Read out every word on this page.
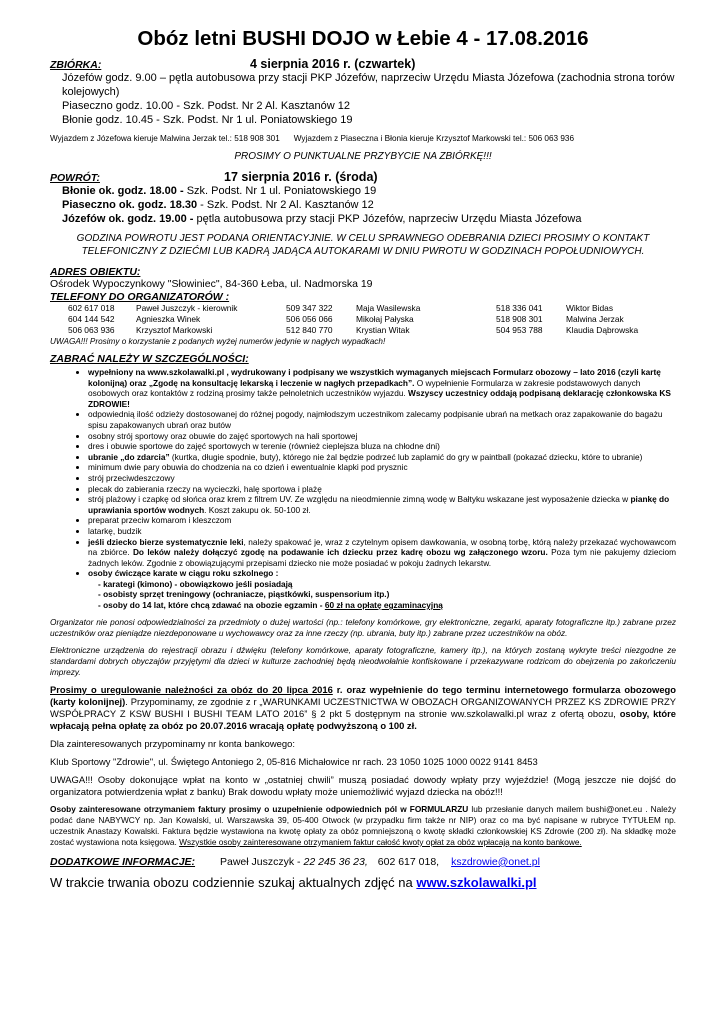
Obóz letni BUSHI DOJO w Łebie 4 - 17.08.2016
ZBIÓRKA:	4 sierpnia 2016 r. (czwartek)
Józefów godz. 9.00 – pętla autobusowa przy stacji PKP Józefów, naprzeciw Urzędu Miasta Józefowa (zachodnia strona torów kolejowych)
Piaseczno godz. 10.00 - Szk. Podst. Nr 2 Al. Kasztanów 12
Błonie godz. 10.45 - Szk. Podst. Nr 1 ul. Poniatowskiego 19
Wyjazdem z Józefowa kieruje Malwina Jerzak tel.: 518 908 301 Wyjazdem z Piaseczna i Błonia kieruje Krzysztof Markowski tel.: 506 063 936
PROSIMY O PUNKTUALNE PRZYBYCIE NA ZBIÓRKĘ!!!
POWRÓT:	17 sierpnia 2016 r. (środa)
Błonie ok. godz. 18.00 - Szk. Podst. Nr 1 ul. Poniatowskiego 19
Piaseczno ok. godz. 18.30 - Szk. Podst. Nr 2 Al. Kasztanów 12
Józefów ok. godz. 19.00 - pętla autobusowa przy stacji PKP Józefów, naprzeciw Urzędu Miasta Józefowa
GODZINA POWROTU JEST PODANA ORIENTACYJNIE. W CELU SPRAWNEGO ODEBRANIA DZIECI PROSIMY O KONTAKT TELEFONICZNY Z DZIEĆMI LUB KADRĄ JADĄCA AUTOKARAMI W DNIU PWROTU W GODZINACH POPOŁUDNIOWYCH.
ADRES OBIEKTU:
Ośrodek Wypoczynkowy "Słowiniec", 84-360 Łeba, ul. Nadmorska 19
TELEFONY DO ORGANIZATORÓW :
602 617 018	Paweł Juszczyk - kierownik	509 347 322	Maja Wasilewska	518 336 041	Wiktor Bidas
604 144 542	Agnieszka Winek	506 056 066	Mikołaj Pałyska	518 908 301	Malwina Jerzak
506 063 936	Krzysztof Markowski	512 840 770	Krystian Witak	504 953 788	Klaudia Dąbrowska
UWAGA!!! Prosimy o korzystanie z podanych wyżej numerów jedynie w nagłych wypadkach!
ZABRAĆ NALEŻY W SZCZEGÓLNOŚCI:
• wypełniony na www.szkolawalki.pl , wydrukowany i podpisany we wszystkich wymaganych miejscach Formularz obozowy – lato 2016 (czyli kartę kolonijną) oraz „Zgodę na konsultację lekarską i leczenie w nagłych przepadkach”. O wypełnienie Formularza w zakresie podstawowych danych osobowych oraz kontaktów z rodziną prosimy także pełnoletnich uczestników wyjazdu. Wszyscy uczestnicy oddają podpisaną deklarację członkowska KS ZDROWIE!
• odpowiednią ilość odzieży dostosowanej do różnej pogody, najmłodszym uczestnikom zalecamy podpisanie ubrań na metkach oraz zapakowanie do bagażu spisu zapakowanych ubrań oraz butów
• osobny strój sportowy oraz obuwie do zajęć sportowych na hali sportowej
• dres i obuwie sportowe do zajęć sportowych w terenie (również cieplejsza bluza na chłodne dni)
• ubranie „do zdarcia” (kurtka, długie spodnie, buty), którego nie żal będzie podrzeć lub zaplamić do gry w paintball (pokazać dziecku, które to ubranie)
• minimum dwie pary obuwia do chodzenia na co dzień i ewentualnie klapki pod prysznic
• strój przeciwdeszczowy
• plecak do zabierania rzeczy na wycieczki, halę sportowa i plażę
• strój plażowy i czapkę od słońca oraz krem z filtrem UV. Ze względu na nieodmiennie zimną wodę w Bałtyku wskazane jest wyposażenie dziecka w piankę do uprawiania sportów wodnych. Koszt zakupu ok. 50-100 zł.
• preparat przeciw komarom i kleszczom
• latarkę, budzik
• jeśli dziecko bierze systematycznie leki, należy spakować je, wraz z czytelnym opisem dawkowania, w osobną torbę, którą należy przekazać wychowawcom na zbiórce. Do leków należy dołączyć zgodę na podawanie ich dziecku przez kadrę obozu wg załączonego wzoru. Poza tym nie pakujemy dzieciom żadnych leków. Zgodnie z obowiązującymi przepisami dziecko nie może posiadać w pokoju żadnych lekarstw.
• osoby ćwiczące karate w ciągu roku szkolnego :
- karategi (kimono) - obowiązkowo jeśli posiadają
- osobisty sprzęt treningowy (ochraniacze, piąstkówki, suspensorium itp.)
- osoby do 14 lat, które chcą zdawać na obozie egzamin - 60 zł na opłatę egzaminacyjną
Organizator nie ponosi odpowiedzialności za przedmioty o dużej wartości (np.: telefony komórkowe, gry elektroniczne, zegarki, aparaty fotograficzne itp.) zabrane przez uczestników oraz pieniądze niezdeponowane u wychowawcy oraz za inne rzeczy (np. ubrania, buty itp.) zabrane przez uczestników na obóz.
Elektroniczne urządzenia do rejestracji obrazu i dźwięku (telefony komórkowe, aparaty fotograficzne, kamery itp.), na których zostaną wykryte treści niezgodne ze standardami dobrych obyczajów przyjętymi dla dzieci w kulturze zachodniej będą nieodwołalnie konfiskowane i przekazywane rodzicom do obejrzenia po zakończeniu imprezy.
Prosimy o uregulowanie należności za obóz do 20 lipca 2016 r. oraz wypełnienie do tego terminu internetowego formularza obozowego (karty kolonijnej). Przypominamy, ze zgodnie z r „WARUNKAMI UCZESTNICTWA W OBOZACH ORGANIZOWANYCH PRZEZ KS ZDROWIE PRZY WSPÓŁPRACY Z KSW BUSHI I BUSHI TEAM LATO 2016” § 2 pkt 5 dostępnym na stronie ww.szkolawalki.pl wraz z ofertą obozu, osoby, które wpłacają pełna opłatę za obóz po 20.07.2016 wracają opłatę podwyższoną o 100 zł.
Dla zainteresowanych przypominamy nr konta bankowego:
Klub Sportowy "Zdrowie", ul. Świętego Antoniego 2, 05-816 Michałowice nr rach. 23 1050 1025 1000 0022 9141 8453
UWAGA!!! Osoby dokonujące wpłat na konto w „ostatniej chwili” muszą posiadać dowody wpłaty przy wyjeździe! (Mogą jeszcze nie dojść do organizatora potwierdzenia wpłat z banku) Brak dowodu wpłaty może uniemożliwić wyjazd dziecka na obóz!!!
Osoby zainteresowane otrzymaniem faktury prosimy o uzupełnienie odpowiednich pól w FORMULARZU lub przesłanie danych mailem bushi@onet.eu . Należy podać dane NABYWCY np. Jan Kowalski, ul. Warszawska 39, 05-400 Otwock (w przypadku firm także nr NIP) oraz co ma być napisane w rubryce TYTUŁEM np. uczestnik Anastazy Kowalski. Faktura będzie wystawiona na kwotę opłaty za obóz pomniejszoną o kwotę składki członkowskiej KS Zdrowie (200 zł). Na składkę może zostać wystawiona nota księgowa. Wszystkie osoby zainteresowane otrzymaniem faktur całość kwoty opłat za obóz wpłacają na konto bankowe.
DODATKOWE INFORMACJE:	Paweł Juszczyk - 22 245 36 23, 602 617 018, kszdrowie@onet.pl
W trakcie trwania obozu codziennie szukaj aktualnych zdjęć na www.szkolawalki.pl
